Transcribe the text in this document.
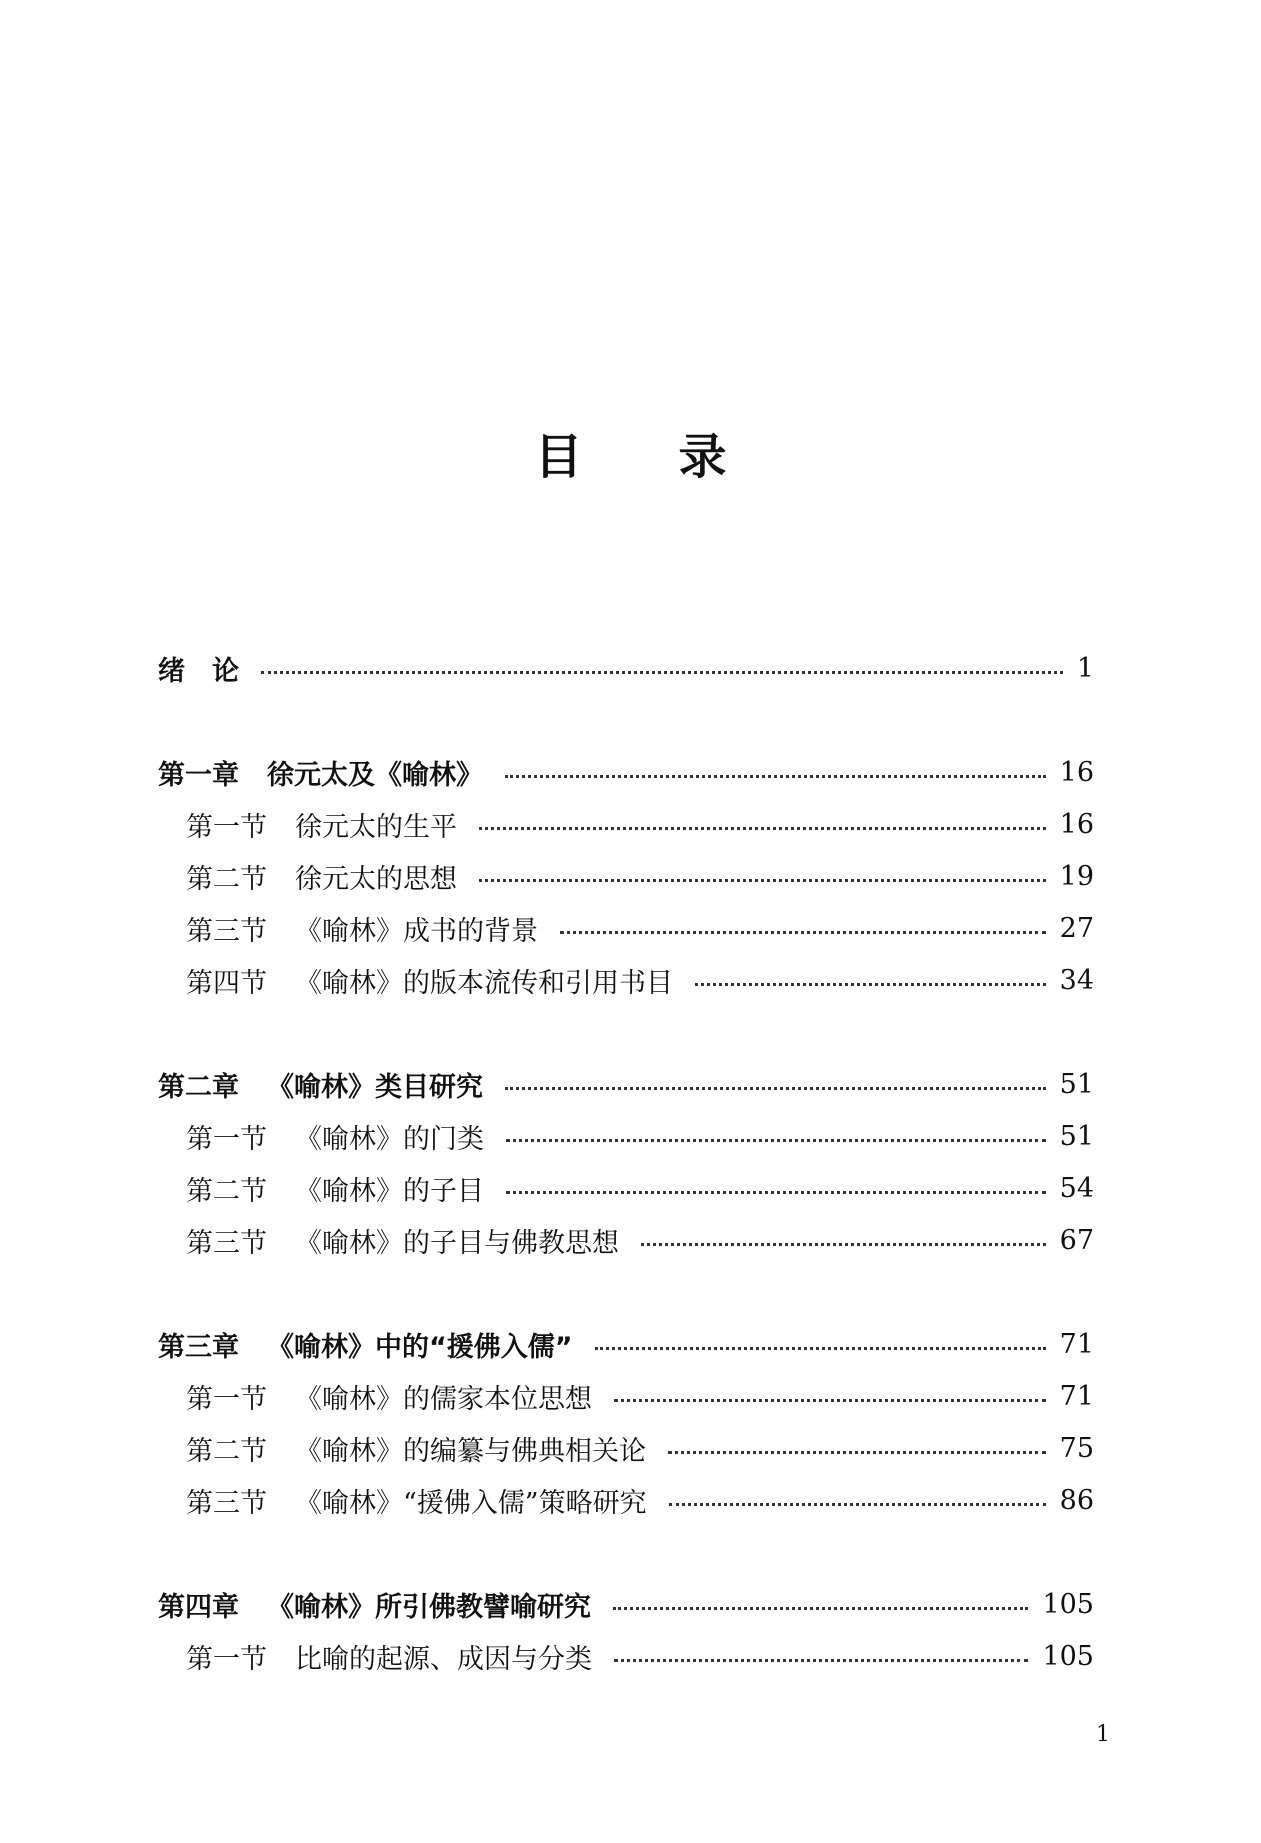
目录
绪　论	1
第一章 徐元太及《喻林》	16
第一节 徐元太的生平	16
第二节 徐元太的思想	19
第三节 《喻林》成书的背景	27
第四节 《喻林》的版本流传和引用书目	34
第二章 《喻林》类目研究	51
第一节 《喻林》的门类	51
第二节 《喻林》的子目	54
第三节 《喻林》的子目与佛教思想	67
第三章 《喻林》中的“援佛入儒”	71
第一节 《喻林》的儒家本位思想	71
第二节 《喻林》的编纂与佛典相关论	75
第三节 《喻林》“援佛入儒”策略研究	86
第四章 《喻林》所引佛教譬喻研究	105
第一节 比喻的起源、成因与分类	105
1
